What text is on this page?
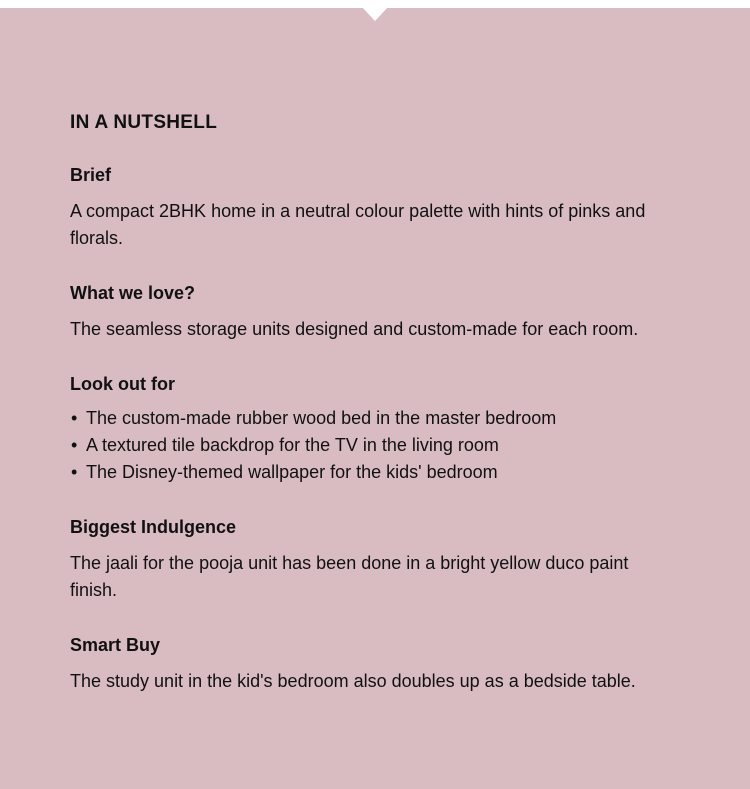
IN A NUTSHELL
Brief

A compact 2BHK home in a neutral colour palette with hints of pinks and florals.

What we love?

The seamless storage units designed and custom-made for each room.

Look out for
• The custom-made rubber wood bed in the master bedroom
• A textured tile backdrop for the TV in the living room
• The Disney-themed wallpaper for the kids' bedroom
Biggest Indulgence

The jaali for the pooja unit has been done in a bright yellow duco paint finish.

Smart Buy

The study unit in the kid's bedroom also doubles up as a bedside table.
